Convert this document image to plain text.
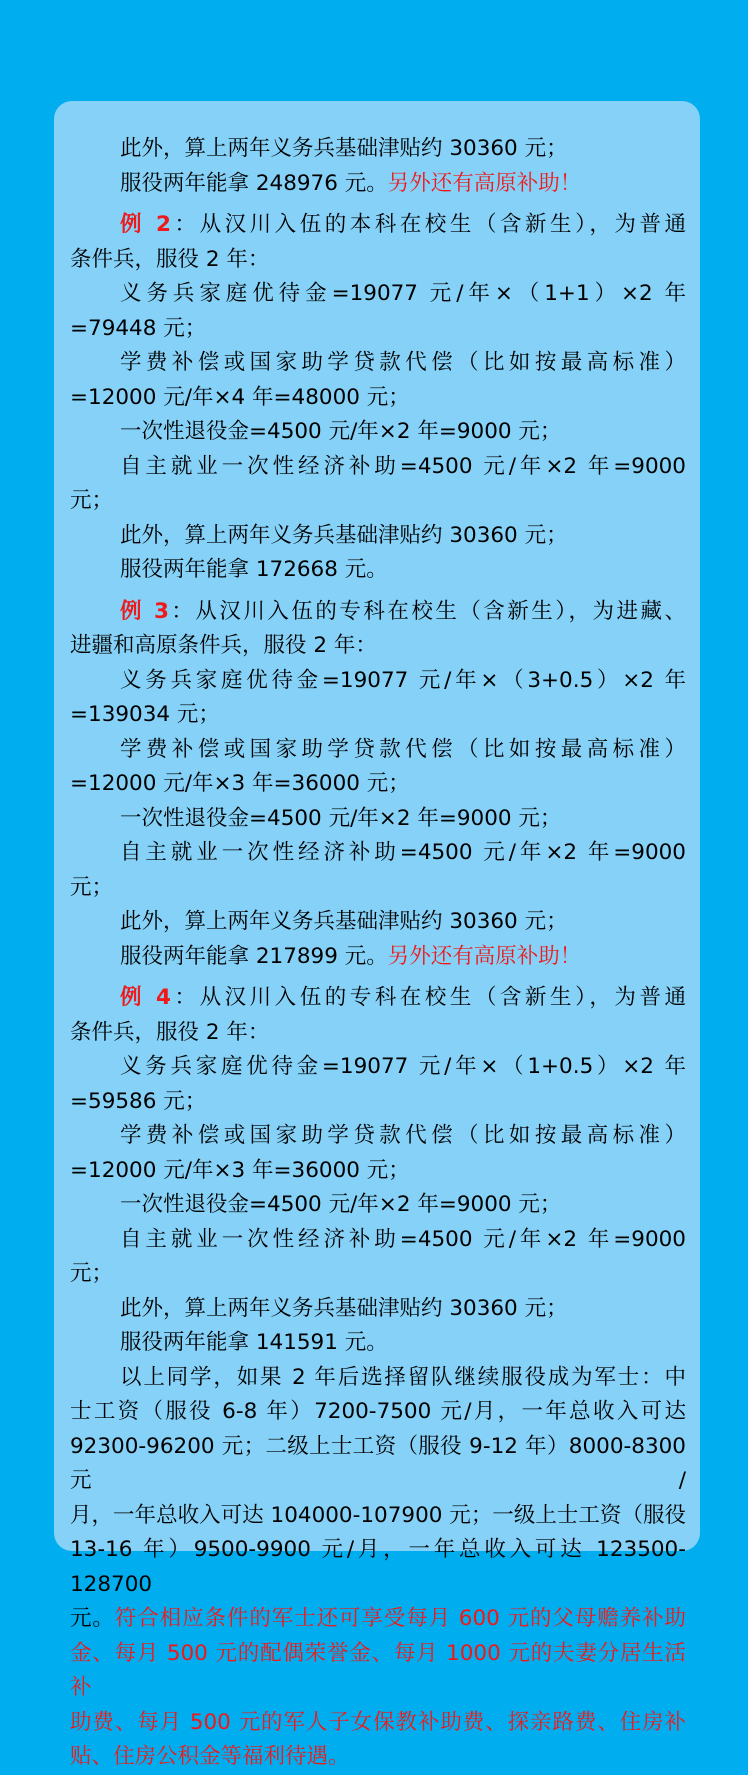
此外，算上两年义务兵基础津贴约 30360 元；

服役两年能拿 248976 元。另外还有高原补助！

例 2：从汉川入伍的本科在校生（含新生），为普通

条件兵，服役 2 年：

义务兵家庭优待金=19077 元/年×（1+1）×2 年

=79448 元；

学费补偿或国家助学贷款代偿（比如按最高标准）

=12000 元/年×4 年=48000 元；

一次性退役金=4500 元/年×2 年=9000 元；

自主就业一次性经济补助=4500 元/年×2 年=9000

元；

此外，算上两年义务兵基础津贴约 30360 元；

服役两年能拿 172668 元。

例 3：从汉川入伍的专科在校生（含新生），为进藏、

进疆和高原条件兵，服役 2 年：

义务兵家庭优待金=19077 元/年×（3+0.5）×2 年

=139034 元；

学费补偿或国家助学贷款代偿（比如按最高标准）

=12000 元/年×3 年=36000 元；

一次性退役金=4500 元/年×2 年=9000 元；

自主就业一次性经济补助=4500 元/年×2 年=9000

元；

此外，算上两年义务兵基础津贴约 30360 元；

服役两年能拿 217899 元。另外还有高原补助！

例 4：从汉川入伍的专科在校生（含新生），为普通

条件兵，服役 2 年：

义务兵家庭优待金=19077 元/年×（1+0.5）×2 年

=59586 元；

学费补偿或国家助学贷款代偿（比如按最高标准）

=12000 元/年×3 年=36000 元；

一次性退役金=4500 元/年×2 年=9000 元；

自主就业一次性经济补助=4500 元/年×2 年=9000

元；

此外，算上两年义务兵基础津贴约 30360 元；

服役两年能拿 141591 元。

以上同学，如果 2 年后选择留队继续服役成为军士：中

士工资（服役 6-8 年）7200-7500 元/月，一年总收入可达

92300-96200 元；二级上士工资（服役 9-12 年）8000-8300 元/

月，一年总收入可达 104000-107900 元；一级上士工资（服役

13-16 年）9500-9900 元/月，一年总收入可达 123500-128700

元。符合相应条件的军士还可享受每月 600 元的父母赡养补助

金、每月 500 元的配偶荣誉金、每月 1000 元的夫妻分居生活补

助费、每月 500 元的军人子女保教补助费、探亲路费、住房补

贴、住房公积金等福利待遇。
